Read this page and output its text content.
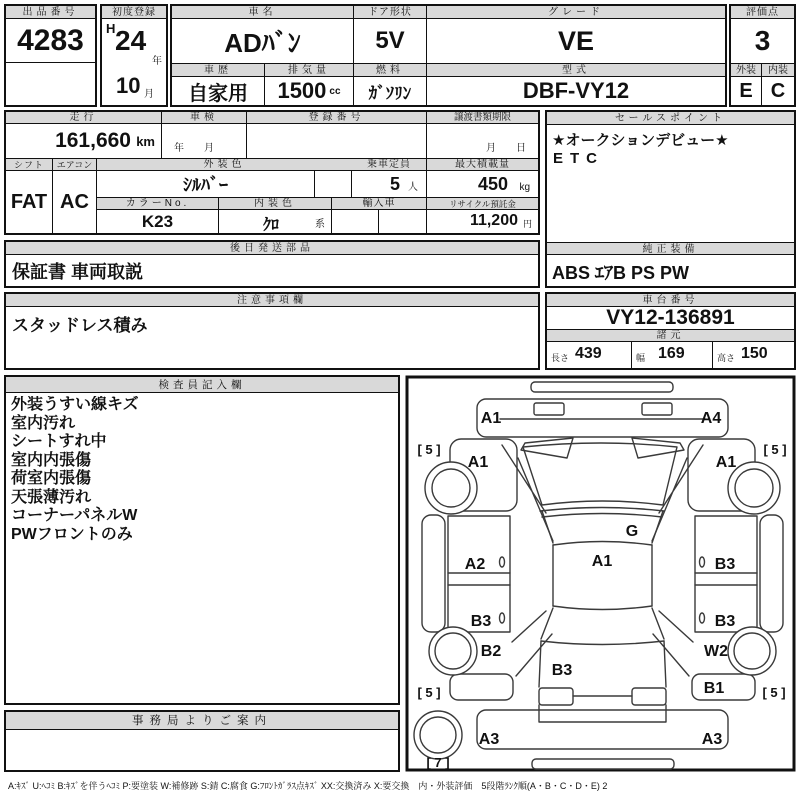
出品番号
4283
初度登録
H 24
年
10 月
車名
ADﾊﾞﾝ
車歴
自家用
排気量
1500 cc
ドア形状
5V
燃料
ｶﾞｿﾘﾝ
グレード
VE
型式
DBF-VY12
評価点
3
外装	内装
E C
走行
161,660 km
車検
年　　月
登録番号	譲渡書類期限
月　　日
シフト
FAT
エアコン
AC
外装色
ｼﾙﾊﾞｰ
乗車定員
5 人
最大積載量
450 kg
カラーNo.
K23
内装色
ｸﾛ	系
輸入車	リサイクル預託金
11,200 円
後日発送部品
保証書 車両取説
注意事項欄
スタッドレス積み
セールスポイント
★オークションデビュー★
ETC
純正装備
ABS ｴｱB PS PW
車台番号
VY12-136891
諸元
長さ 439	幅 169	高さ 150
検査員記入欄
外装うすい線キズ
室内汚れ
シートすれ中
室内内張傷
荷室内張傷
天張薄汚れ
コーナーパネルW
PWフロントのみ
事務局よりご案内
A1	A4
[ 5 ]	[ 5 ]
A1	A1
G
A1
A2	B3
B3	B3
B2	W2
B3
B1
[ 5 ]	[ 5 ]
A3	A3
[ 7 ]
A:ｷｽﾞ U:ﾍｺﾐ B:ｷｽﾞを伴うﾍｺﾐ P:要塗装 W:補修跡 S:錆 C:腐食 G:ﾌﾛﾝﾄｶﾞﾗｽ点ｷｽﾞ XX:交換済み X:要交換　内・外装評価　5段階ﾗﾝｸ順(A・B・C・D・E) 2
